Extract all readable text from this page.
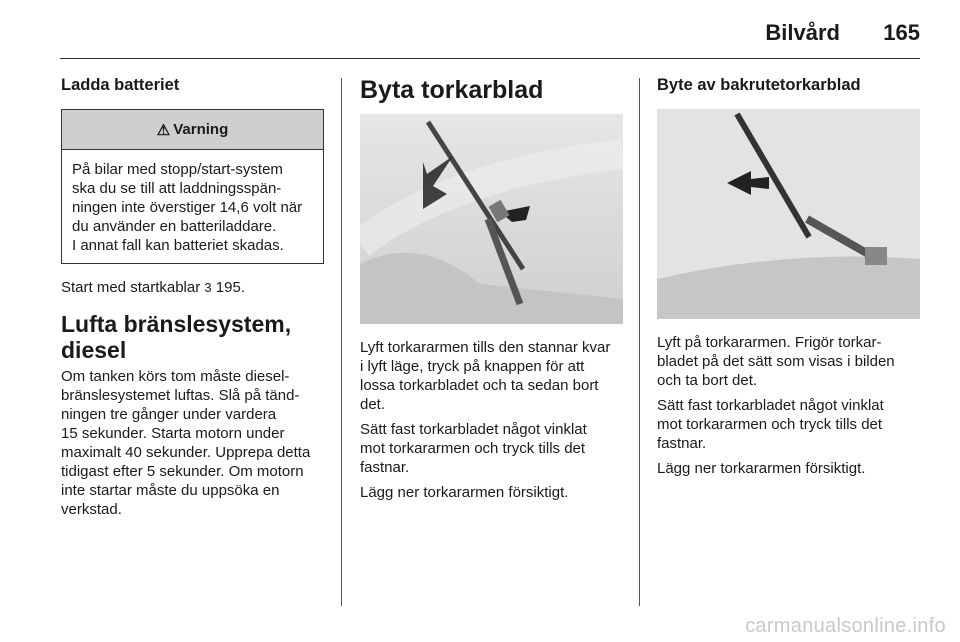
Bilvård 165
Ladda batteriet
⚠ Varning

På bilar med stopp/start-system

ska du se till att laddningsspän-

ningen inte överstiger 14,6 volt när

du använder en batteriladdare.

I annat fall kan batteriet skadas.

Start med startkablar 3 195.

Lufta bränslesystem,
diesel

Om tanken körs tom måste diesel-

bränslesystemet luftas. Slå på tänd-

ningen tre gånger under vardera

15 sekunder. Starta motorn under

maximalt 40 sekunder. Upprepa detta

tidigast efter 5 sekunder. Om motorn

inte startar måste du uppsöka en

verkstad.

Byta torkarblad

Lyft torkararmen tills den stannar kvar

i lyft läge, tryck på knappen för att

lossa torkarbladet och ta sedan bort

det.

Sätt fast torkarbladet något vinklat

mot torkararmen och tryck tills det

fastnar.

Lägg ner torkararmen försiktigt.

Byte av bakrutetorkarblad

Lyft på torkararmen. Frigör torkar-

bladet på det sätt som visas i bilden

och ta bort det.

Sätt fast torkarbladet något vinklat

mot torkararmen och tryck tills det

fastnar.

Lägg ner torkararmen försiktigt.

carmanualsonline.info
